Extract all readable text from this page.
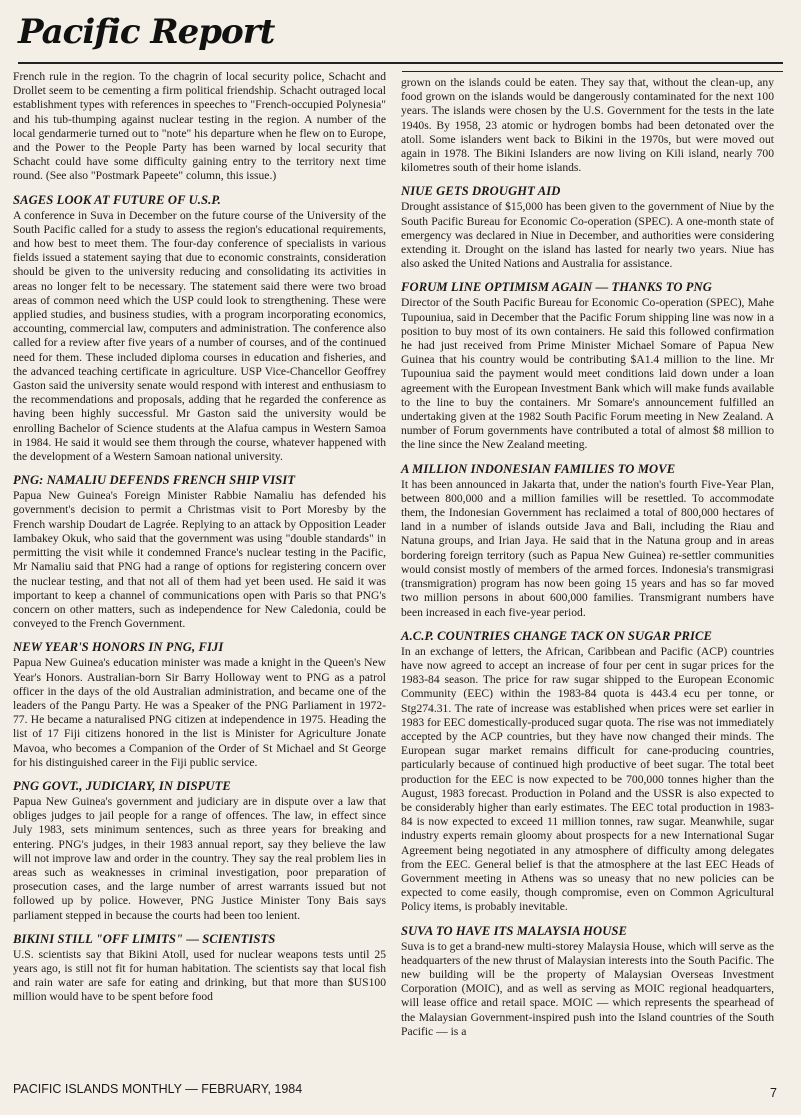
Pacific Report

French rule in the region. To the chagrin of local security police, Schacht and Drollet seem to be cementing a firm political friendship. Schacht outraged local establishment types with references in speeches to "French-occupied Polynesia" and his tub-thumping against nuclear testing in the region. A number of the local gendarmerie turned out to "note" his departure when he flew on to Europe, and the Power to the People Party has been warned by local security that Schacht could have some difficulty gaining entry to the territory next time round. (See also "Postmark Papeete" column, this issue.)

SAGES LOOK AT FUTURE OF U.S.P.

A conference in Suva in December on the future course of the University of the South Pacific called for a study to assess the region's educational requirements, and how best to meet them. The four-day conference of specialists in various fields issued a statement saying that due to economic constraints, consideration should be given to the university reducing and consolidating its activities in areas no longer felt to be necessary. The statement said there were two broad areas of common need which the USP could look to strengthening. These were applied studies, and business studies, with a program incorporating economics, accounting, commercial law, computers and administration. The conference also called for a review after five years of a number of courses, and of the continued need for them. These included diploma courses in education and fisheries, and the advanced teaching certificate in agriculture. USP Vice-Chancellor Geoffrey Gaston said the university senate would respond with interest and enthusiasm to the recommendations and proposals, adding that he regarded the conference as having been highly successful. Mr Gaston said the university would be enrolling Bachelor of Science students at the Alafua campus in Western Samoa in 1984. He said it would see them through the course, whatever happened with the development of a Western Samoan national university.

PNG: NAMALIU DEFENDS FRENCH SHIP VISIT

Papua New Guinea's Foreign Minister Rabbie Namaliu has defended his government's decision to permit a Christmas visit to Port Moresby by the French warship Doudart de Lagrée. Replying to an attack by Opposition Leader Iambakey Okuk, who said that the government was using "double standards" in permitting the visit while it condemned France's nuclear testing in the Pacific, Mr Namaliu said that PNG had a range of options for registering concern over the nuclear testing, and that not all of them had yet been used. He said it was important to keep a channel of communications open with Paris so that PNG's concern on other matters, such as independence for New Caledonia, could be conveyed to the French Government.

NEW YEAR'S HONORS IN PNG, FIJI

Papua New Guinea's education minister was made a knight in the Queen's New Year's Honors. Australian-born Sir Barry Holloway went to PNG as a patrol officer in the days of the old Australian administration, and became one of the leaders of the Pangu Party. He was a Speaker of the PNG Parliament in 1972-77. He became a naturalised PNG citizen at independence in 1975. Heading the list of 17 Fiji citizens honored in the list is Minister for Agriculture Jonate Mavoa, who becomes a Companion of the Order of St Michael and St George for his distinguished career in the Fiji public service.

PNG GOVT., JUDICIARY, IN DISPUTE

Papua New Guinea's government and judiciary are in dispute over a law that obliges judges to jail people for a range of offences. The law, in effect since July 1983, sets minimum sentences, such as three years for breaking and entering. PNG's judges, in their 1983 annual report, say they believe the law will not improve law and order in the country. They say the real problem lies in areas such as weaknesses in criminal investigation, poor preparation of prosecution cases, and the large number of arrest warrants issued but not followed up by police. However, PNG Justice Minister Tony Bais says parliament stepped in because the courts had been too lenient.

BIKINI STILL "OFF LIMITS" — SCIENTISTS

U.S. scientists say that Bikini Atoll, used for nuclear weapons tests until 25 years ago, is still not fit for human habitation. The scientists say that local fish and rain water are safe for eating and drinking, but that more than $US100 million would have to be spent before food

grown on the islands could be eaten. They say that, without the clean-up, any food grown on the islands would be dangerously contaminated for the next 100 years. The islands were chosen by the U.S. Government for the tests in the late 1940s. By 1958, 23 atomic or hydrogen bombs had been detonated over the atoll. Some islanders went back to Bikini in the 1970s, but were moved out again in 1978. The Bikini Islanders are now living on Kili island, nearly 700 kilometres south of their home islands.

NIUE GETS DROUGHT AID

Drought assistance of $15,000 has been given to the government of Niue by the South Pacific Bureau for Economic Co-operation (SPEC). A one-month state of emergency was declared in Niue in December, and authorities were considering extending it. Drought on the island has lasted for nearly two years. Niue has also asked the United Nations and Australia for assistance.

FORUM LINE OPTIMISM AGAIN — THANKS TO PNG

Director of the South Pacific Bureau for Economic Co-operation (SPEC), Mahe Tupouniua, said in December that the Pacific Forum shipping line was now in a position to buy most of its own containers. He said this followed confirmation he had just received from Prime Minister Michael Somare of Papua New Guinea that his country would be contributing $A1.4 million to the line. Mr Tupouniua said the payment would meet conditions laid down under a loan agreement with the European Investment Bank which will make funds available to the line to buy the containers. Mr Somare's announcement fulfilled an undertaking given at the 1982 South Pacific Forum meeting in New Zealand. A number of Forum governments have contributed a total of almost $8 million to the line since the New Zealand meeting.

A MILLION INDONESIAN FAMILIES TO MOVE

It has been announced in Jakarta that, under the nation's fourth Five-Year Plan, between 800,000 and a million families will be resettled. To accommodate them, the Indonesian Government has reclaimed a total of 800,000 hectares of land in a number of islands outside Java and Bali, including the Riau and Natuna groups, and Irian Jaya. He said that in the Natuna group and in areas bordering foreign territory (such as Papua New Guinea) re-settler communities would consist mostly of members of the armed forces. Indonesia's transmigrasi (transmigration) program has now been going 15 years and has so far moved two million persons in about 600,000 families. Transmigrant numbers have been increased in each five-year period.

A.C.P. COUNTRIES CHANGE TACK ON SUGAR PRICE

In an exchange of letters, the African, Caribbean and Pacific (ACP) countries have now agreed to accept an increase of four per cent in sugar prices for the 1983-84 season. The price for raw sugar shipped to the European Economic Community (EEC) within the 1983-84 quota is 443.4 ecu per tonne, or Stg274.31. The rate of increase was established when prices were set earlier in 1983 for EEC domestically-produced sugar quota. The rise was not immediately accepted by the ACP countries, but they have now changed their minds. The European sugar market remains difficult for cane-producing countries, particularly because of continued high productive of beet sugar. The total beet production for the EEC is now expected to be 700,000 tonnes higher than the August, 1983 forecast. Production in Poland and the USSR is also expected to be considerably higher than early estimates. The EEC total production in 1983-84 is now expected to exceed 11 million tonnes, raw sugar. Meanwhile, sugar industry experts remain gloomy about prospects for a new International Sugar Agreement being negotiated in any atmosphere of difficulty among delegates from the EEC. General belief is that the atmosphere at the last EEC Heads of Government meeting in Athens was so uneasy that no new policies can be expected to come easily, though compromise, even on Common Agricultural Policy items, is probably inevitable.

SUVA TO HAVE ITS MALAYSIA HOUSE

Suva is to get a brand-new multi-storey Malaysia House, which will serve as the headquarters of the new thrust of Malaysian interests into the South Pacific. The new building will be the property of Malaysian Overseas Investment Corporation (MOIC), and as well as serving as MOIC regional headquarters, will lease office and retail space. MOIC — which represents the spearhead of the Malaysian Government-inspired push into the Island countries of the South Pacific — is a

PACIFIC ISLANDS MONTHLY — FEBRUARY, 1984	7
